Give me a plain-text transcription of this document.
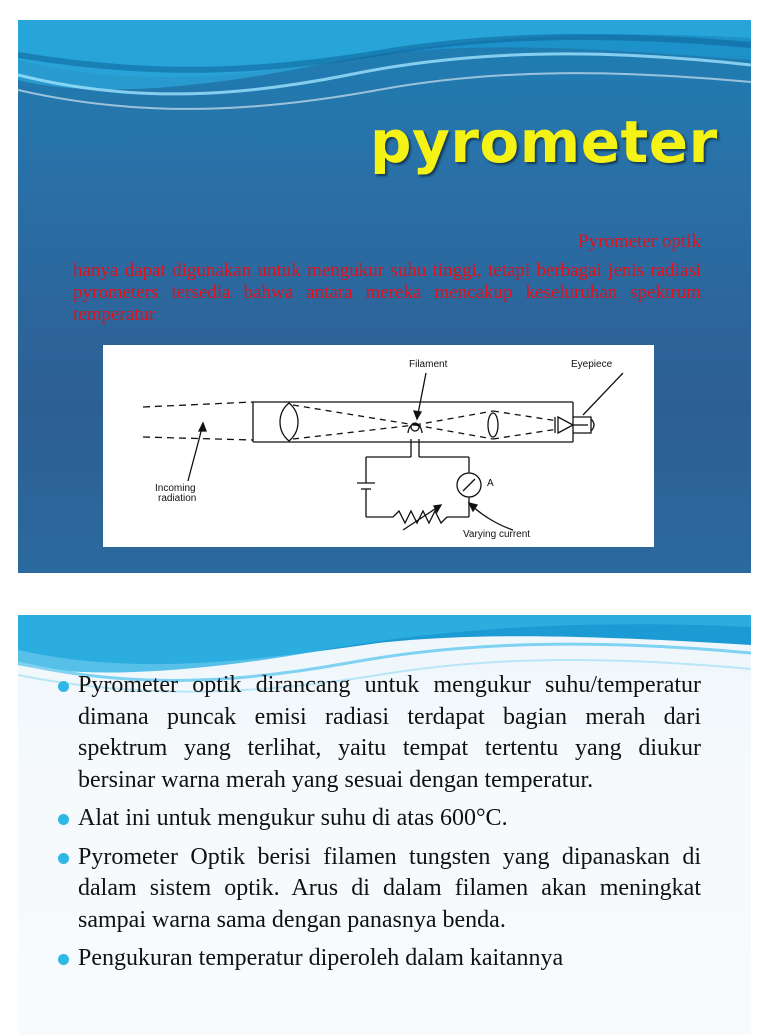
pyrometer
Pyrometer optik
hanya dapat digunakan untuk mengukur suhu tinggi, tetapi berbagai jenis radiasi pyrometers tersedia bahwa antara mereka mencakup keseluruhan spektrum temperatur
Filament	Eyepiece
Incoming
radiation
A
Varying current
Pyrometer optik dirancang untuk mengukur suhu/temperatur dimana puncak emisi radiasi terdapat bagian merah dari spektrum yang terlihat, yaitu tempat tertentu yang diukur bersinar warna merah yang sesuai dengan temperatur.
Alat ini untuk mengukur suhu di atas 600°C.
Pyrometer Optik berisi filamen tungsten yang dipanaskan di dalam sistem optik. Arus di dalam filamen akan meningkat sampai warna sama dengan panasnya benda.
Pengukuran temperatur diperoleh dalam kaitannya
